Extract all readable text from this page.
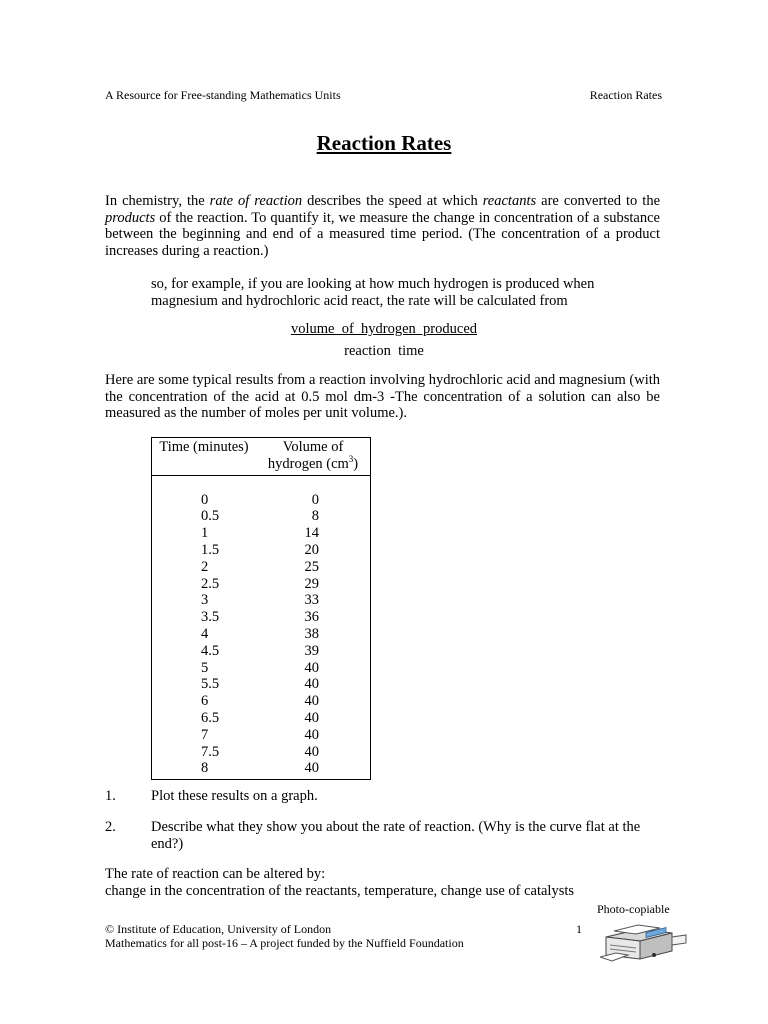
A Resource for Free-standing Mathematics Units	Reaction Rates
Reaction Rates
In chemistry, the rate of reaction describes the speed at which reactants are converted to the products of the reaction. To quantify it, we measure the change in concentration of a substance between the beginning and end of a measured time period. (The concentration of a product increases during a reaction.)
so, for example, if you are looking at how much hydrogen is produced when magnesium and hydrochloric acid react, the rate will be calculated from
volume  of  hydrogen  produced
reaction  time
Here are some typical results from a reaction involving hydrochloric acid and magnesium (with the concentration of the acid at 0.5 mol dm-3 -The concentration of a solution can also be measured as the number of moles per unit volume.).
Time (minutes)	Volume of
hydrogen $(cm^3)$

0	0
0.5	8
1	14
1.5	20
2	25
2.5	29
3	33
3.5	36
4	38
4.5	39
5	40
5.5	40
6	40
6.5	40
7	40
7.5	40
8	40
1. Plot these results on a graph.
2. Describe what they show you about the rate of reaction. (Why is the curve flat at the end?)
The rate of reaction can be altered by:
change in the concentration of the reactants, temperature, change use of catalysts
Photo-copiable
© Institute of Education, University of London
Mathematics for all post-16 – A project funded by the Nuffield Foundation
1
